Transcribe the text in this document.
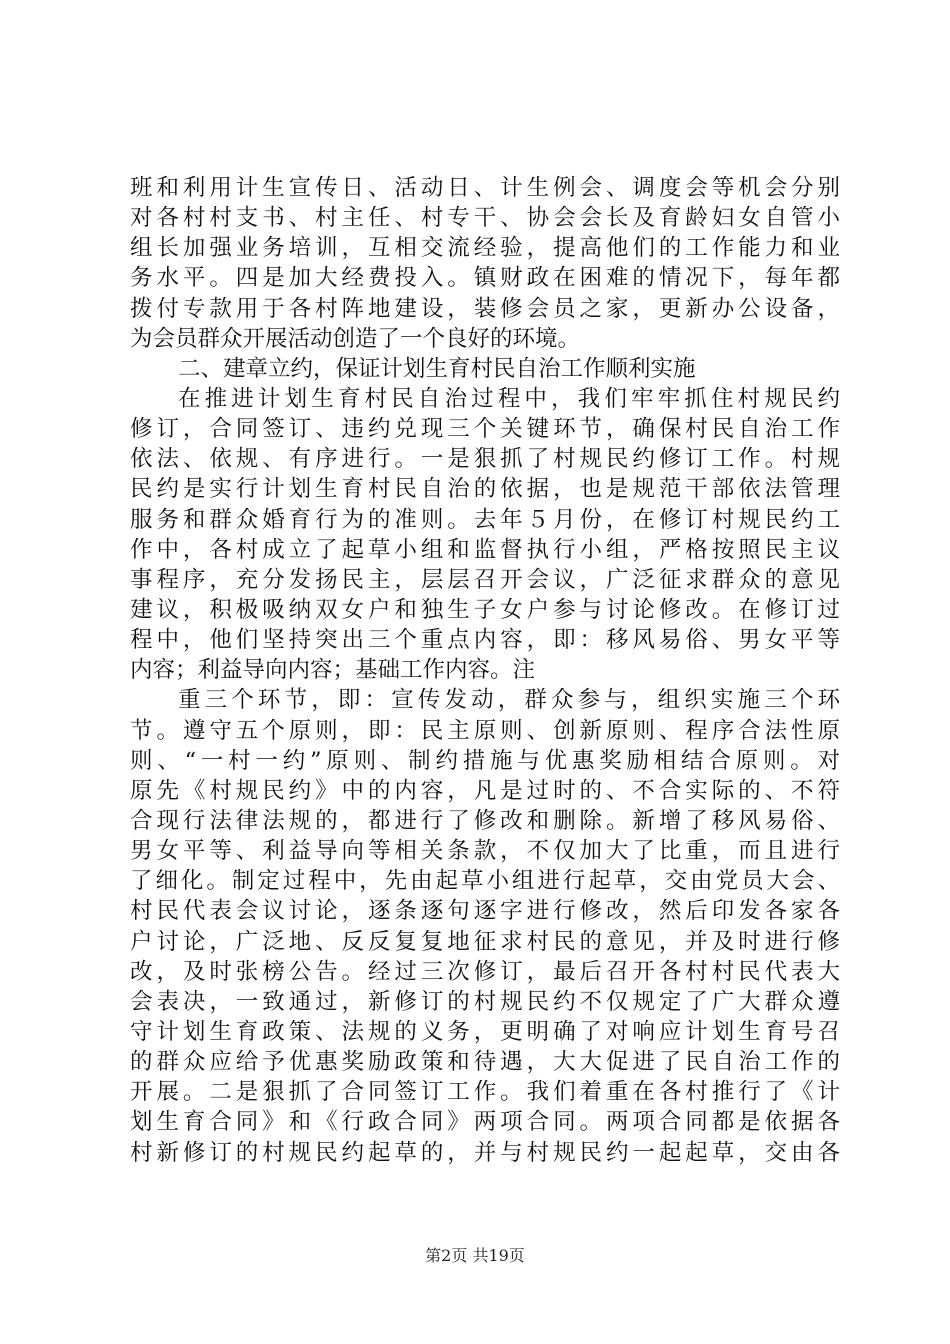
班和利用计生宣传日、活动日、计生例会、调度会等机会分别
对各村村支书、村主任、村专干、协会会长及育龄妇女自管小
组长加强业务培训，互相交流经验，提高他们的工作能力和业
务水平。四是加大经费投入。镇财政在困难的情况下，每年都
拨付专款用于各村阵地建设，装修会员之家，更新办公设备，
为会员群众开展活动创造了一个良好的环境。
二、建章立约，保证计划生育村民自治工作顺利实施
在推进计划生育村民自治过程中，我们牢牢抓住村规民约
修订，合同签订、违约兑现三个关键环节，确保村民自治工作
依法、依规、有序进行。一是狠抓了村规民约修订工作。村规
民约是实行计划生育村民自治的依据，也是规范干部依法管理
服务和群众婚育行为的准则。去年５月份，在修订村规民约工
作中，各村成立了起草小组和监督执行小组，严格按照民主议
事程序，充分发扬民主，层层召开会议，广泛征求群众的意见
建议，积极吸纳双女户和独生子女户参与讨论修改。在修订过
程中，他们坚持突出三个重点内容，即：移风易俗、男女平等
内容；利益导向内容；基础工作内容。注
重三个环节，即：宣传发动，群众参与，组织实施三个环
节。遵守五个原则，即：民主原则、创新原则、程序合法性原
则、“一村一约”原则、制约措施与优惠奖励相结合原则。对
原先《村规民约》中的内容，凡是过时的、不合实际的、不符
合现行法律法规的，都进行了修改和删除。新增了移风易俗、
男女平等、利益导向等相关条款，不仅加大了比重，而且进行
了细化。制定过程中，先由起草小组进行起草，交由党员大会、
村民代表会议讨论，逐条逐句逐字进行修改，然后印发各家各
户讨论，广泛地、反反复复地征求村民的意见，并及时进行修
改，及时张榜公告。经过三次修订，最后召开各村村民代表大
会表决，一致通过，新修订的村规民约不仅规定了广大群众遵
守计划生育政策、法规的义务，更明确了对响应计划生育号召
的群众应给予优惠奖励政策和待遇，大大促进了民自治工作的
开展。二是狠抓了合同签订工作。我们着重在各村推行了《计
划生育合同》和《行政合同》两项合同。两项合同都是依据各
村新修订的村规民约起草的，并与村规民约一起起草，交由各
第2页 共19页
